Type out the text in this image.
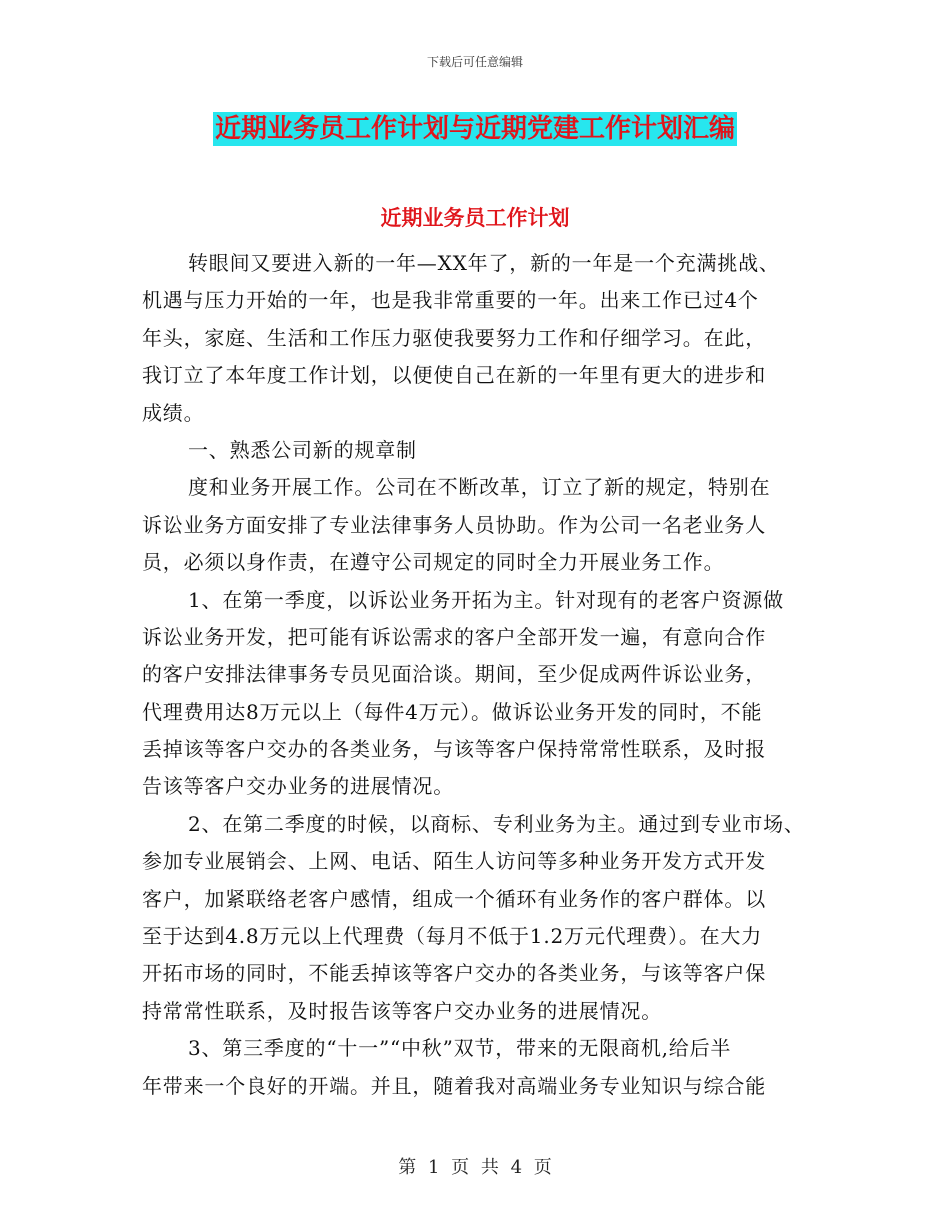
下载后可任意编辑
近期业务员工作计划与近期党建工作计划汇编
近期业务员工作计划
转眼间又要进入新的一年—XX年了，新的一年是一个充满挑战、
机遇与压力开始的一年，也是我非常重要的一年。出来工作已过4个
年头，家庭、生活和工作压力驱使我要努力工作和仔细学习。在此，
我订立了本年度工作计划，以便使自己在新的一年里有更大的进步和
成绩。
一、熟悉公司新的规章制
度和业务开展工作。公司在不断改革，订立了新的规定，特别在
诉讼业务方面安排了专业法律事务人员协助。作为公司一名老业务人
员，必须以身作责，在遵守公司规定的同时全力开展业务工作。
1、在第一季度，以诉讼业务开拓为主。针对现有的老客户资源做
诉讼业务开发，把可能有诉讼需求的客户全部开发一遍，有意向合作
的客户安排法律事务专员见面洽谈。期间，至少促成两件诉讼业务，
代理费用达8万元以上（每件4万元）。做诉讼业务开发的同时，不能
丢掉该等客户交办的各类业务，与该等客户保持常常性联系，及时报
告该等客户交办业务的进展情况。
2、在第二季度的时候，以商标、专利业务为主。通过到专业市场、
参加专业展销会、上网、电话、陌生人访问等多种业务开发方式开发
客户，加紧联络老客户感情，组成一个循环有业务作的客户群体。以
至于达到4.8万元以上代理费（每月不低于1.2万元代理费）。在大力
开拓市场的同时，不能丢掉该等客户交办的各类业务，与该等客户保
持常常性联系，及时报告该等客户交办业务的进展情况。
3、第三季度的“十一”“中秋”双节，带来的无限商机,给后半
年带来一个良好的开端。并且，随着我对高端业务专业知识与综合能
第 1 页 共 4 页
